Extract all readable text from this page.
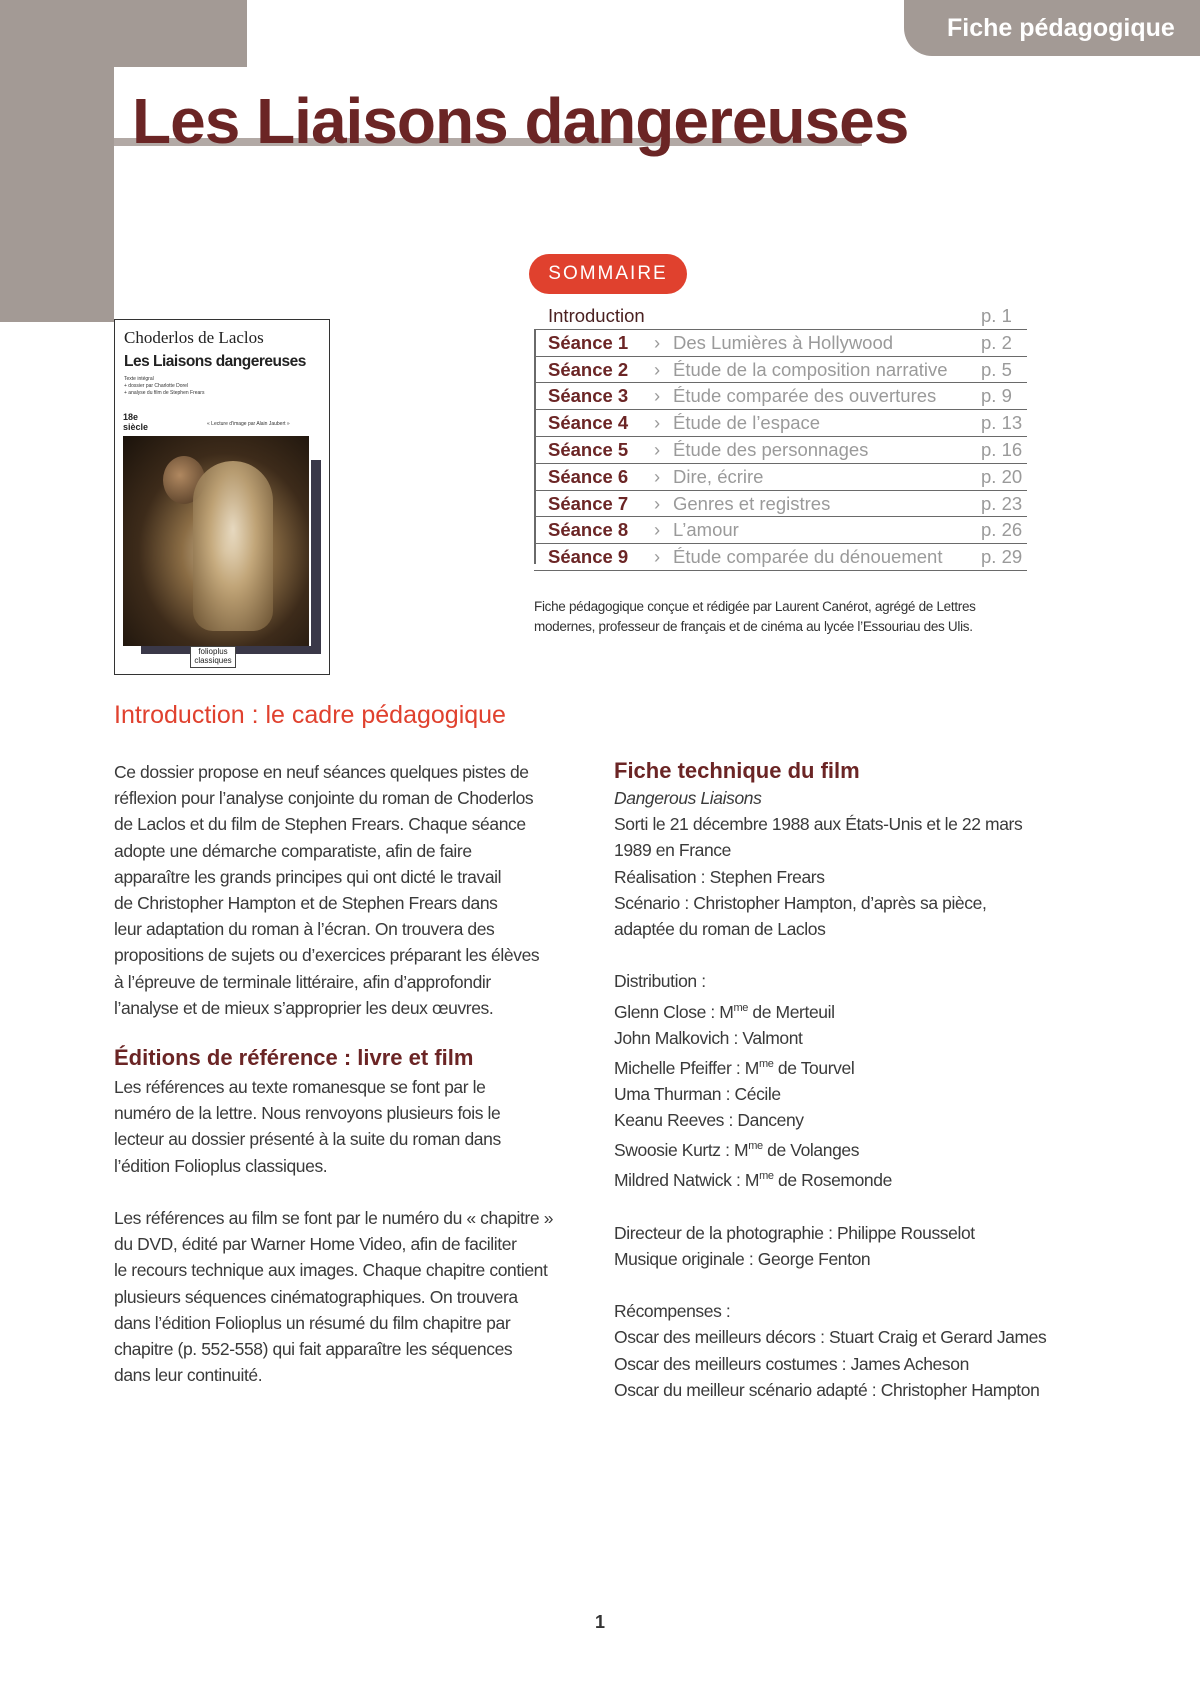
Fiche pédagogique
Les Liaisons dangereuses
Choderlos de Laclos
Les Liaisons dangereuses
Texte intégral
+ dossier par Charlotte Dorel
+ analyse du film de Stephen Frears
18e siècle	« Lecture d'image par Alain Jaubert »
folioplus classiques
SOMMAIRE
Introduction	p. 1
Séance 1 › Des Lumières à Hollywood	p. 2
Séance 2 › Étude de la composition narrative p. 5
Séance 3 › Étude comparée des ouvertures p. 9
Séance 4 › Étude de l’espace	p. 13
Séance 5 › Étude des personnages	p. 16
Séance 6 › Dire, écrire	p. 20
Séance 7 › Genres et registres	p. 23
Séance 8 › L’amour	p. 26
Séance 9 › Étude comparée du dénouement p. 29
Fiche pédagogique conçue et rédigée par Laurent Canérot, agrégé de Lettres
modernes, professeur de français et de cinéma au lycée l’Essouriau des Ulis.
Introduction : le cadre pédagogique
Ce dossier propose en neuf séances quelques pistes de
réflexion pour l’analyse conjointe du roman de Choderlos
de Laclos et du film de Stephen Frears. Chaque séance
adopte une démarche comparatiste, afin de faire
apparaître les grands principes qui ont dicté le travail
de Christopher Hampton et de Stephen Frears dans
leur adaptation du roman à l’écran. On trouvera des
propositions de sujets ou d’exercices préparant les élèves
à l’épreuve de terminale littéraire, afin d’approfondir
l’analyse et de mieux s’approprier les deux œuvres.
Éditions de référence : livre et film
Les références au texte romanesque se font par le
numéro de la lettre. Nous renvoyons plusieurs fois le
lecteur au dossier présenté à la suite du roman dans
l’édition Folioplus classiques.
Les références au film se font par le numéro du « chapitre »
du DVD, édité par Warner Home Video, afin de faciliter
le recours technique aux images. Chaque chapitre contient
plusieurs séquences cinématographiques. On trouvera
dans l’édition Folioplus un résumé du film chapitre par
chapitre (p. 552-558) qui fait apparaître les séquences
dans leur continuité.
Fiche technique du film
Dangerous Liaisons
Sorti le 21 décembre 1988 aux États-Unis et le 22 mars
1989 en France
Réalisation : Stephen Frears
Scénario : Christopher Hampton, d’après sa pièce,
adaptée du roman de Laclos
Distribution :
Glenn Close : $M^{me}$ de Merteuil
John Malkovich : Valmont
Michelle Pfeiffer : $M^{me}$ de Tourvel
Uma Thurman : Cécile
Keanu Reeves : Danceny
Swoosie Kurtz : $M^{me}$ de Volanges
Mildred Natwick : $M^{me}$ de Rosemonde
Directeur de la photographie : Philippe Rousselot
Musique originale : George Fenton
Récompenses :
Oscar des meilleurs décors : Stuart Craig et Gerard James
Oscar des meilleurs costumes : James Acheson
Oscar du meilleur scénario adapté : Christopher Hampton
1
